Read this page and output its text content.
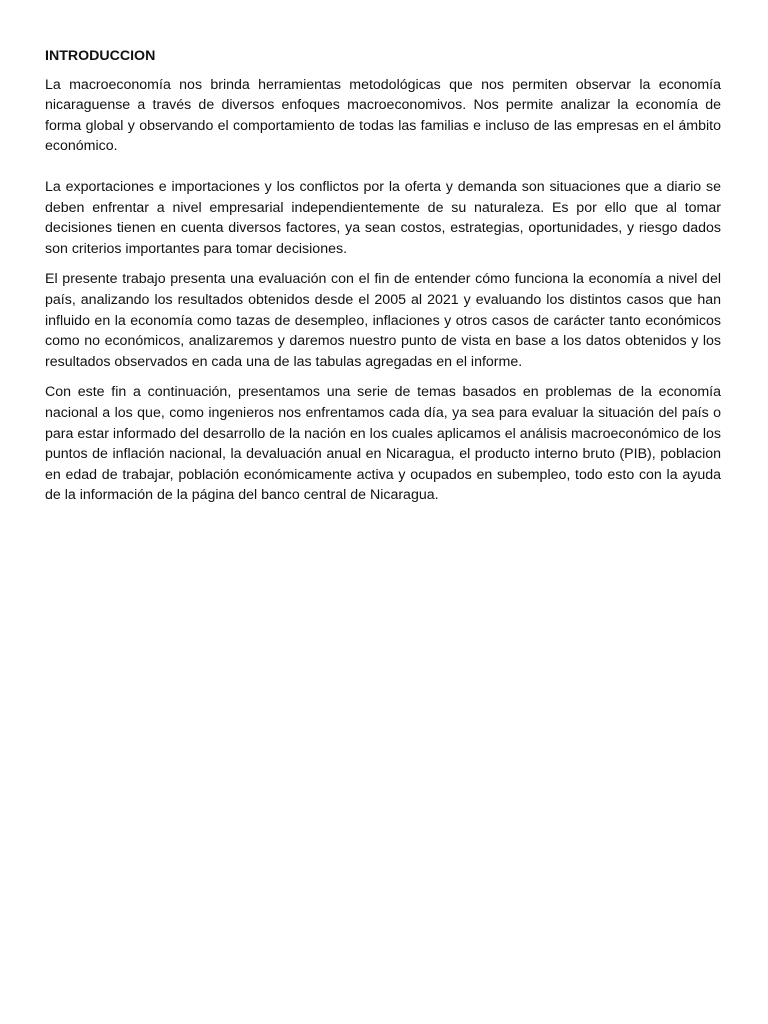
INTRODUCCION

La macroeconomía nos brinda herramientas metodológicas que nos permiten observar la economía nicaraguense a través de diversos enfoques macroeconomivos. Nos permite analizar la economía de forma global y observando el comportamiento de todas las familias e incluso de las empresas en el ámbito económico.

La exportaciones e importaciones y los conflictos por la oferta y demanda son situaciones que a diario se deben enfrentar a nivel empresarial independientemente de su naturaleza. Es por ello que al tomar decisiones tienen en cuenta diversos factores, ya sean costos, estrategias, oportunidades, y riesgo dados son criterios importantes para tomar decisiones.

El presente trabajo presenta una evaluación con el fin de entender cómo funciona la economía a nivel del país, analizando los resultados obtenidos desde el 2005 al 2021 y evaluando los distintos casos que han influido en la economía como tazas de desempleo, inflaciones y otros casos de carácter tanto económicos como no económicos, analizaremos y daremos nuestro punto de vista en base a los datos obtenidos y los resultados observados en cada una de las tabulas agregadas en el informe.

Con este fin a continuación, presentamos una serie de temas basados en problemas de la economía nacional a los que, como ingenieros nos enfrentamos cada día, ya sea para evaluar la situación del país o para estar informado del desarrollo de la nación en los cuales aplicamos el análisis macroeconómico de los puntos de inflación nacional, la devaluación anual en Nicaragua, el producto interno bruto (PIB), poblacion en edad de trabajar, población económicamente activa y ocupados en subempleo, todo esto con la ayuda de la información de la página del banco central de Nicaragua.
